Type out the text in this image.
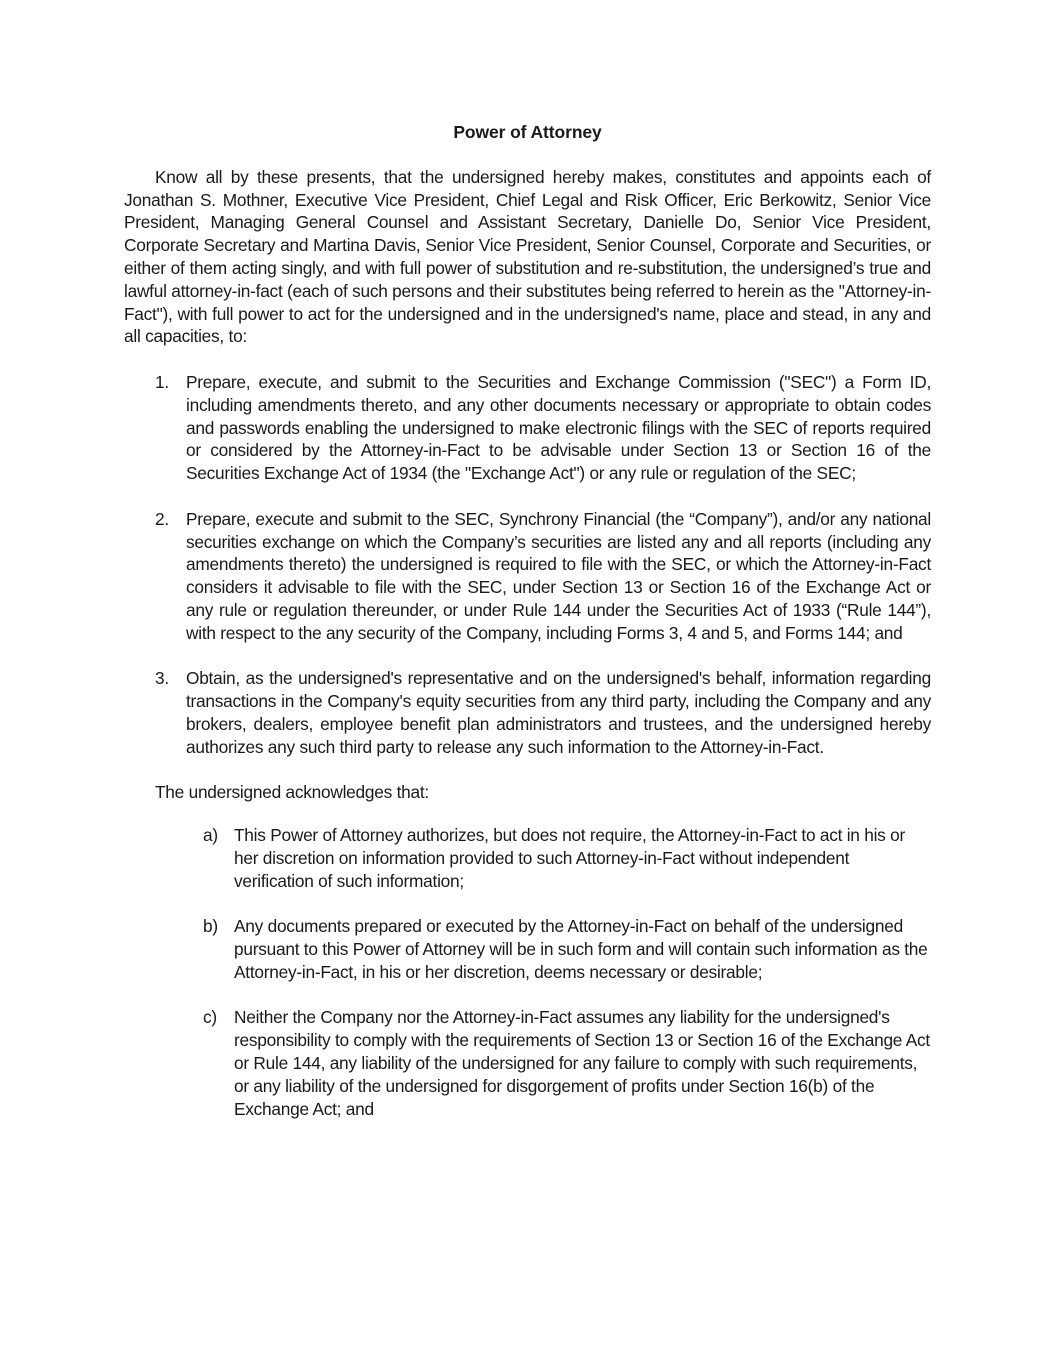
Power of Attorney

Know all by these presents, that the undersigned hereby makes, constitutes and appoints each of Jonathan S. Mothner, Executive Vice President, Chief Legal and Risk Officer, Eric Berkowitz, Senior Vice President, Managing General Counsel and Assistant Secretary, Danielle Do, Senior Vice President, Corporate Secretary and Martina Davis, Senior Vice President, Senior Counsel, Corporate and Securities, or either of them acting singly, and with full power of substitution and re-substitution, the undersigned’s true and lawful attorney-in-fact (each of such persons and their substitutes being referred to herein as the "Attorney-in-Fact"), with full power to act for the undersigned and in the undersigned's name, place and stead, in any and all capacities, to:

1. Prepare, execute, and submit to the Securities and Exchange Commission ("SEC") a Form ID, including amendments thereto, and any other documents necessary or appropriate to obtain codes and passwords enabling the undersigned to make electronic filings with the SEC of reports required or considered by the Attorney-in-Fact to be advisable under Section 13 or Section 16 of the Securities Exchange Act of 1934 (the "Exchange Act") or any rule or regulation of the SEC;
2. Prepare, execute and submit to the SEC, Synchrony Financial (the “Company”), and/or any national securities exchange on which the Company’s securities are listed any and all reports (including any amendments thereto) the undersigned is required to file with the SEC, or which the Attorney-in-Fact considers it advisable to file with the SEC, under Section 13 or Section 16 of the Exchange Act or any rule or regulation thereunder, or under Rule 144 under the Securities Act of 1933 (“Rule 144”), with respect to the any security of the Company, including Forms 3, 4 and 5, and Forms 144; and
3. Obtain, as the undersigned's representative and on the undersigned's behalf, information regarding transactions in the Company's equity securities from any third party, including the Company and any brokers, dealers, employee benefit plan administrators and trustees, and the undersigned hereby authorizes any such third party to release any such information to the Attorney-in-Fact.

The undersigned acknowledges that:

a) This Power of Attorney authorizes, but does not require, the Attorney-in-Fact to act in his or her discretion on information provided to such Attorney-in-Fact without independent verification of such information;
b) Any documents prepared or executed by the Attorney-in-Fact on behalf of the undersigned pursuant to this Power of Attorney will be in such form and will contain such information as the Attorney-in-Fact, in his or her discretion, deems necessary or desirable;
c) Neither the Company nor the Attorney-in-Fact assumes any liability for the undersigned's responsibility to comply with the requirements of Section 13 or Section 16 of the Exchange Act or Rule 144, any liability of the undersigned for any failure to comply with such requirements, or any liability of the undersigned for disgorgement of profits under Section 16(b) of the Exchange Act; and
